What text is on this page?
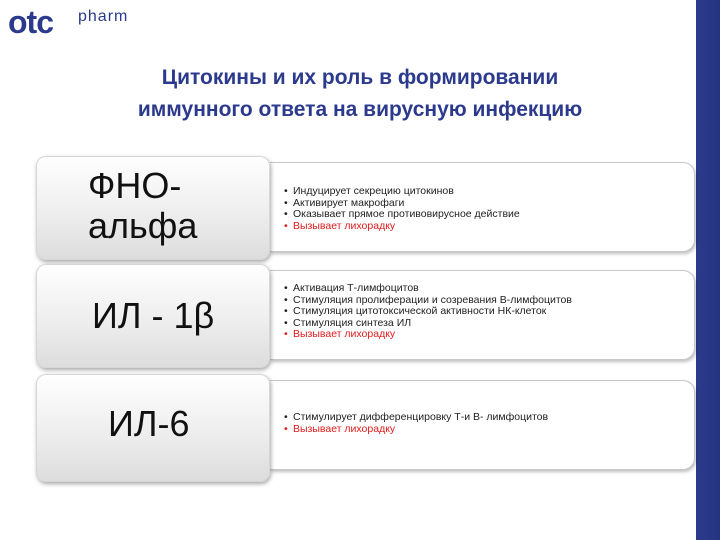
otc pharm
Цитокины и их роль в формировании
иммунного ответа на вирусную инфекцию
• Индуцирует секрецию цитокинов
• Активирует макрофаги
• Оказывает прямое противовирусное действие
• Вызывает лихорадку
ФНО-
альфа
• Активация Т-лимфоцитов
• Стимуляция пролиферации и созревания В-лимфоцитов
• Стимуляция цитотоксической активности НК-клеток
• Стимуляция синтеза ИЛ
• Вызывает лихорадку
ИЛ - 1β
• Стимулирует дифференцировку Т-и В- лимфоцитов
• Вызывает лихорадку
ИЛ-6
